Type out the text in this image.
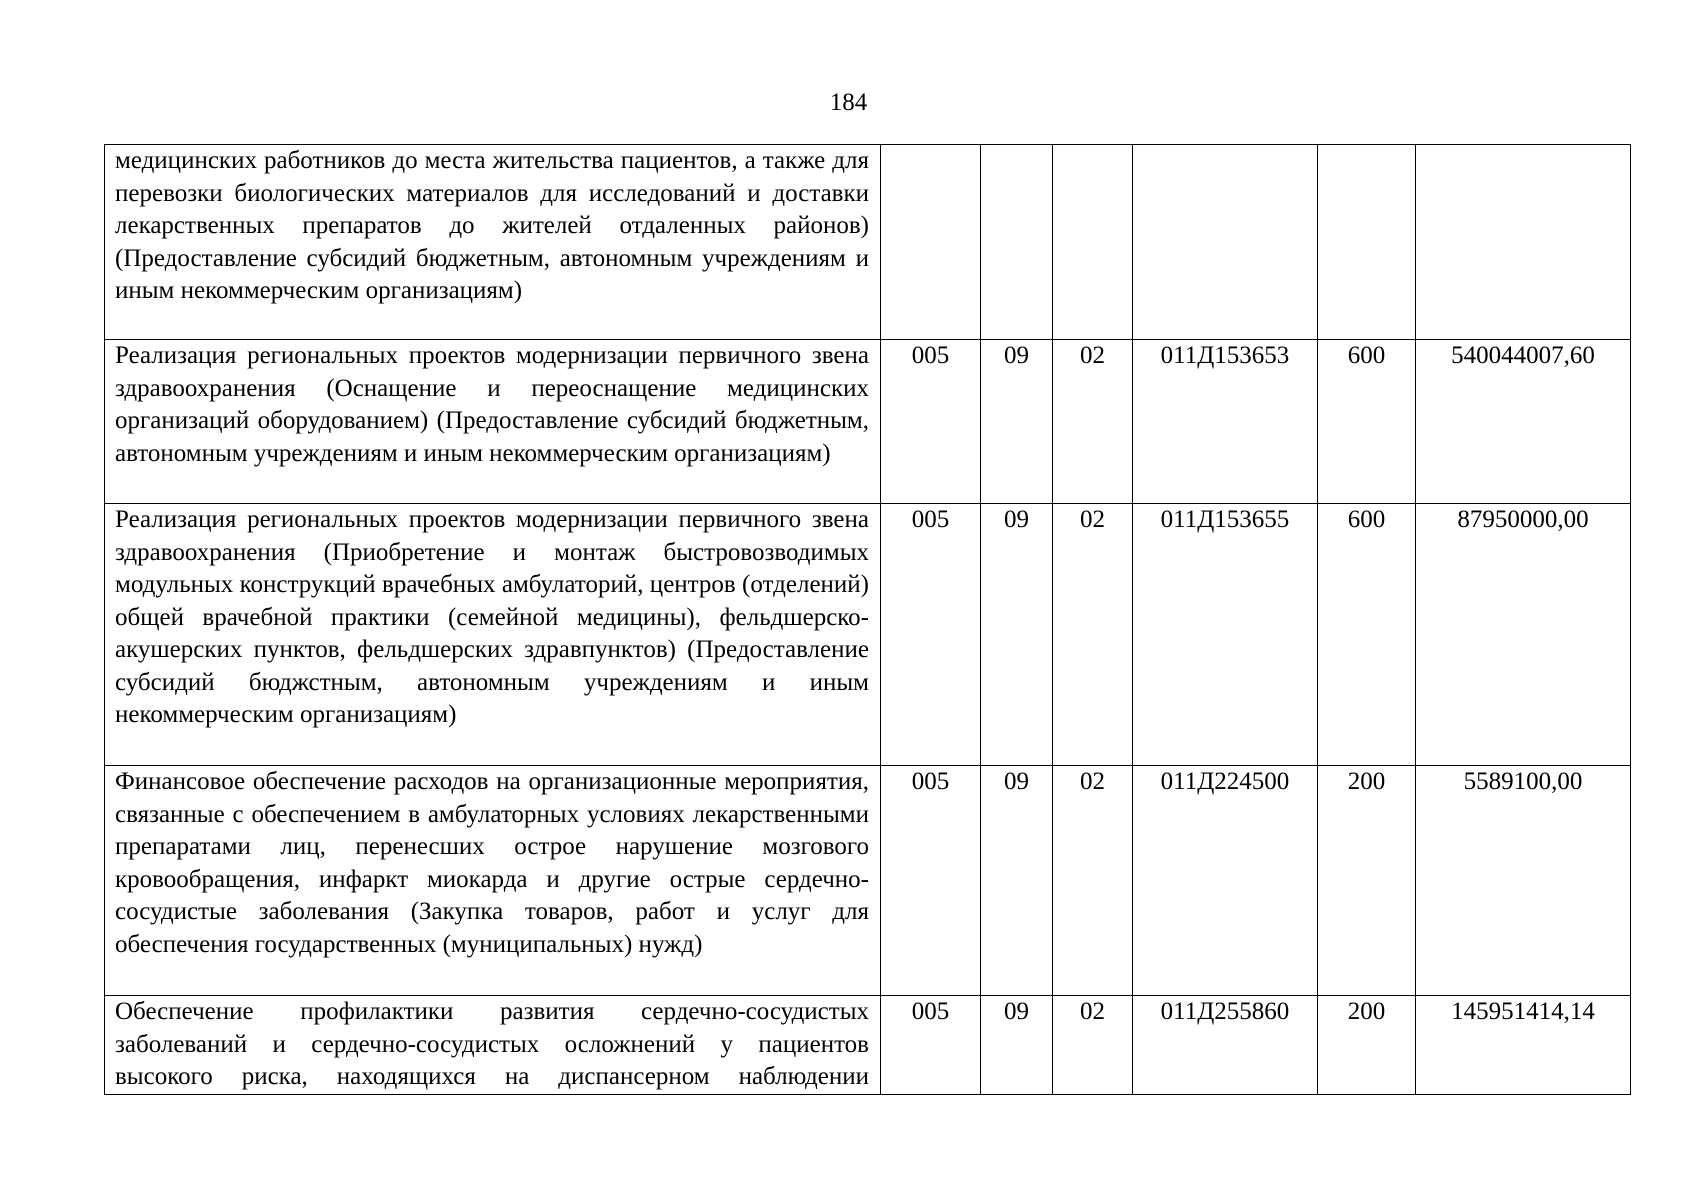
184
медицинских работников до места жительства пациентов, а также для перевозки биологических материалов для исследований и доставки лекарственных препаратов до жителей отдаленных районов) (Предоставление субсидий бюджетным, автономным учреждениям и иным некоммерческим организациям)						
Реализация региональных проектов модернизации первичного звена здравоохранения (Оснащение и переоснащение медицинских организаций оборудованием) (Предоставление субсидий бюджетным, автономным учреждениям и иным некоммерческим организациям)	005	09	02	011Д153653	600	540044007,60
Реализация региональных проектов модернизации первичного звена здравоохранения (Приобретение и монтаж быстровозводимых модульных конструкций врачебных амбулаторий, центров (отделений) общей врачебной практики (семейной медицины), фельдшерско-акушерских пунктов, фельдшерских здравпунктов) (Предоставление субсидий бюджстным, автономным учреждениям и иным некоммерческим организациям)	005	09	02	011Д153655	600	87950000,00
Финансовое обеспечение расходов на организационные мероприятия, связанные с обеспечением в амбулаторных условиях лекарственными препаратами лиц, перенесших острое нарушение мозгового кровообращения, инфаркт миокарда и другие острые сердечно-сосудистые заболевания (Закупка товаров, работ и услуг для обеспечения государственных (муниципальных) нужд)	005	09	02	011Д224500	200	5589100,00
Обеспечение профилактики развития сердечно-сосудистых заболеваний и сердечно-сосудистых осложнений у пациентов высокого риска, находящихся на диспансерном наблюдении	005	09	02	011Д255860	200	145951414,14
